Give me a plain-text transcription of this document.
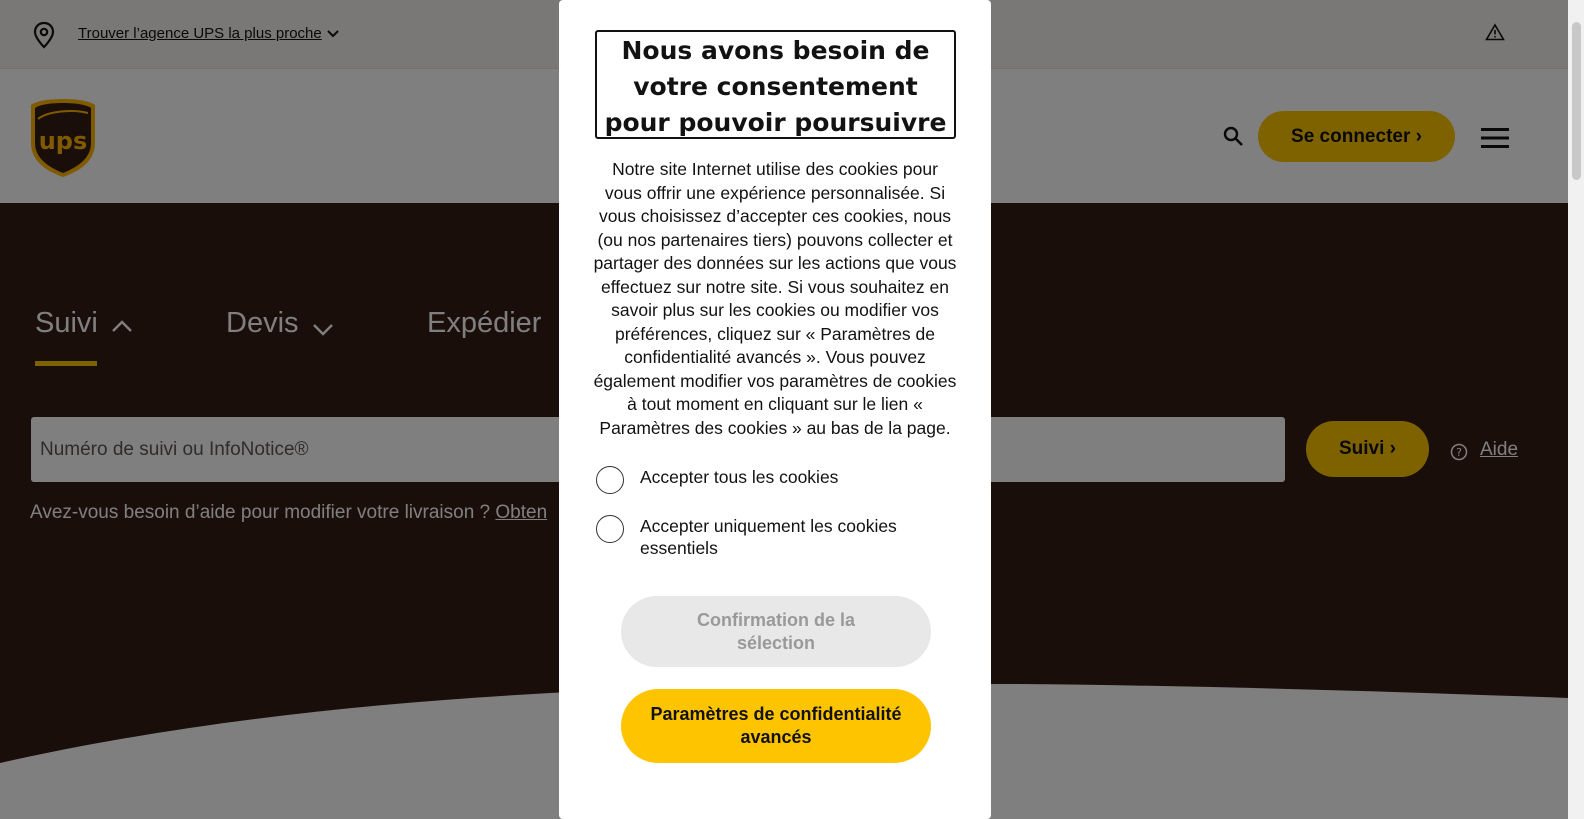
Nous avons besoin de votre consentement pour pouvoir poursuivre
Notre site Internet utilise des cookies pour vous offrir une expérience personnalisée. Si vous choisissez d’accepter ces cookies, nous (ou nos partenaires tiers) pouvons collecter et partager des données sur les actions que vous effectuez sur notre site. Si vous souhaitez en savoir plus sur les cookies ou modifier vos préférences, cliquez sur « Paramètres de confidentialité avancés ». Vous pouvez également modifier vos paramètres de cookies à tout moment en cliquant sur le lien « Paramètres des cookies » au bas de la page.
Accepter tous les cookies
Accepter uniquement les cookies essentiels
Confirmation de la sélection
Paramètres de confidentialité avancés
